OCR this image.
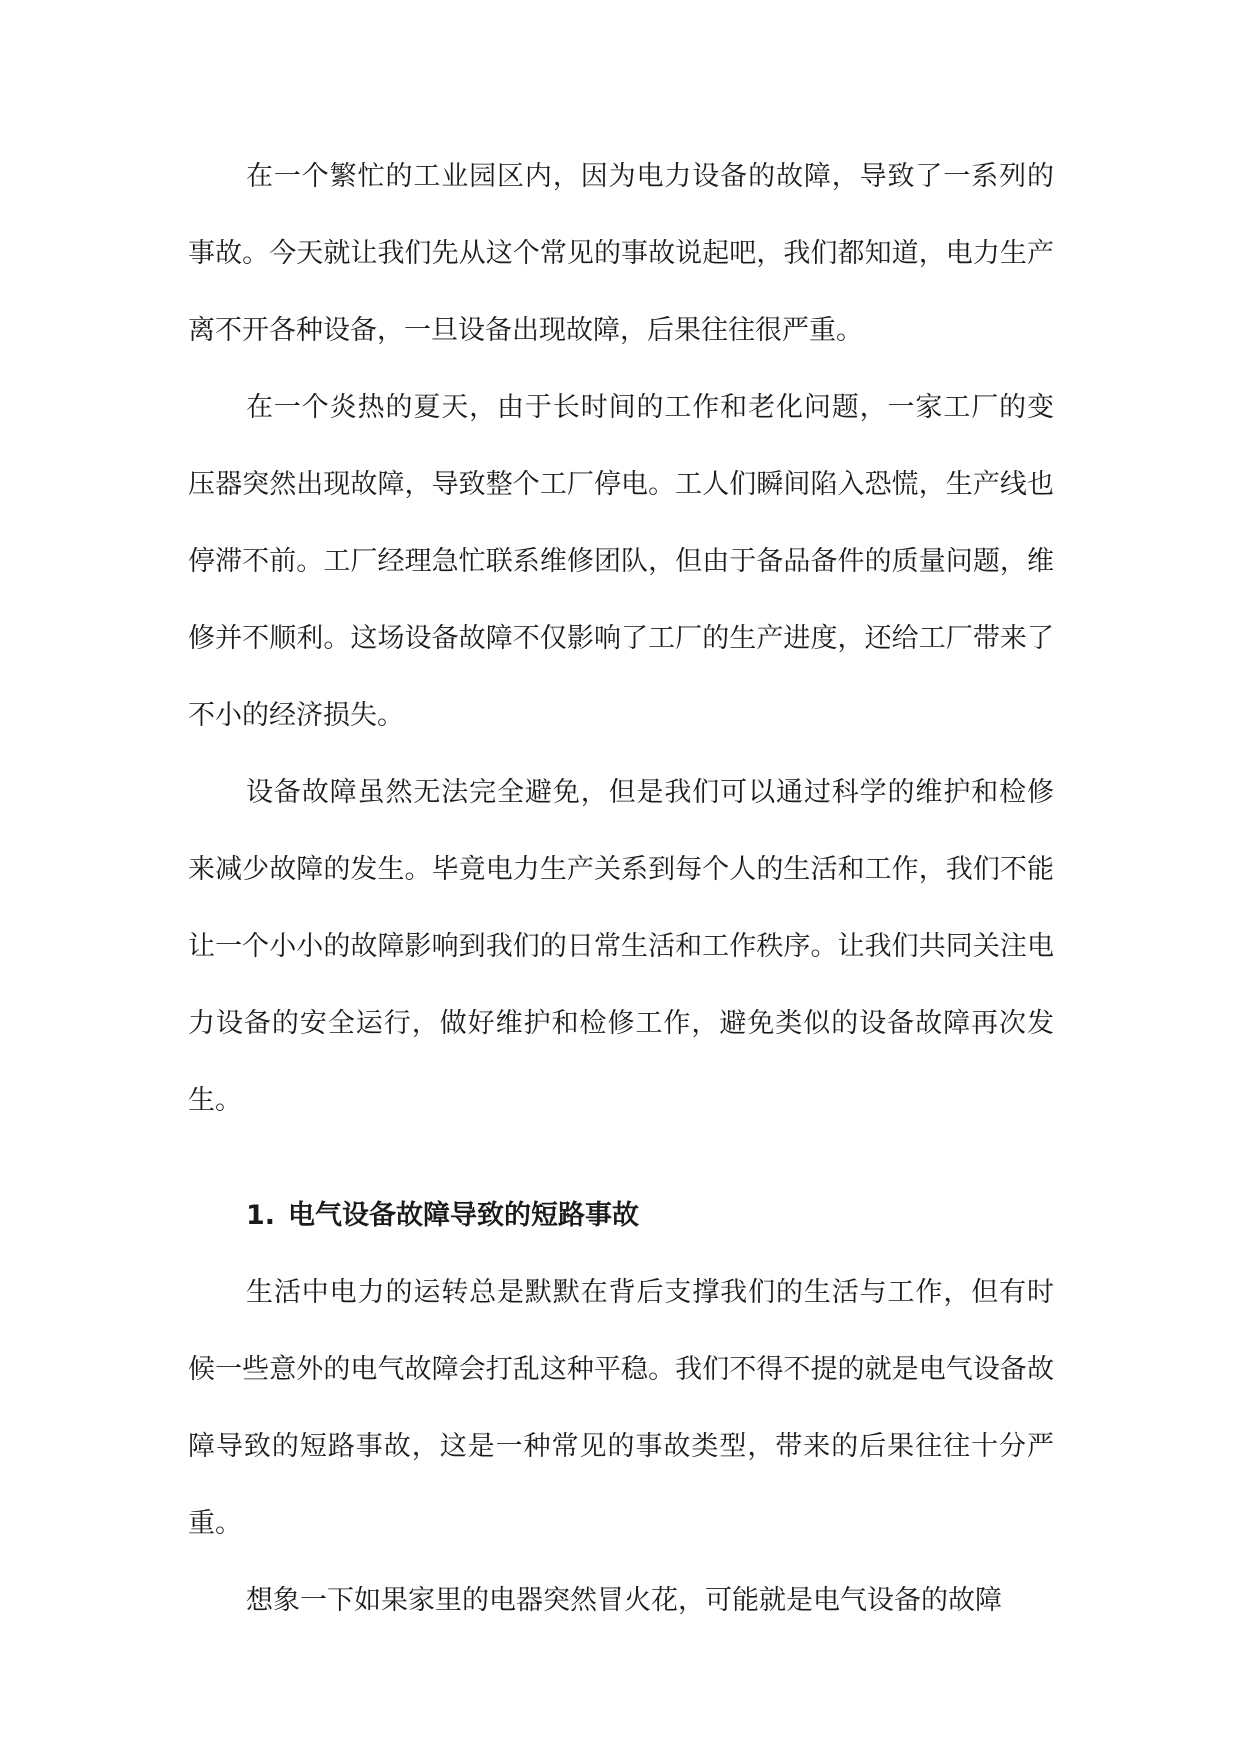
在一个繁忙的工业园区内，因为电力设备的故障，导致了一系列的事故。今天就让我们先从这个常见的事故说起吧，我们都知道，电力生产离不开各种设备，一旦设备出现故障，后果往往很严重。

在一个炎热的夏天，由于长时间的工作和老化问题，一家工厂的变压器突然出现故障，导致整个工厂停电。工人们瞬间陷入恐慌，生产线也停滞不前。工厂经理急忙联系维修团队，但由于备品备件的质量问题，维修并不顺利。这场设备故障不仅影响了工厂的生产进度，还给工厂带来了不小的经济损失。

设备故障虽然无法完全避免，但是我们可以通过科学的维护和检修来减少故障的发生。毕竟电力生产关系到每个人的生活和工作，我们不能让一个小小的故障影响到我们的日常生活和工作秩序。让我们共同关注电力设备的安全运行，做好维护和检修工作，避免类似的设备故障再次发生。

1. 电气设备故障导致的短路事故

生活中电力的运转总是默默在背后支撑我们的生活与工作，但有时候一些意外的电气故障会打乱这种平稳。我们不得不提的就是电气设备故障导致的短路事故，这是一种常见的事故类型，带来的后果往往十分严重。

想象一下如果家里的电器突然冒火花，可能就是电气设备的故障
